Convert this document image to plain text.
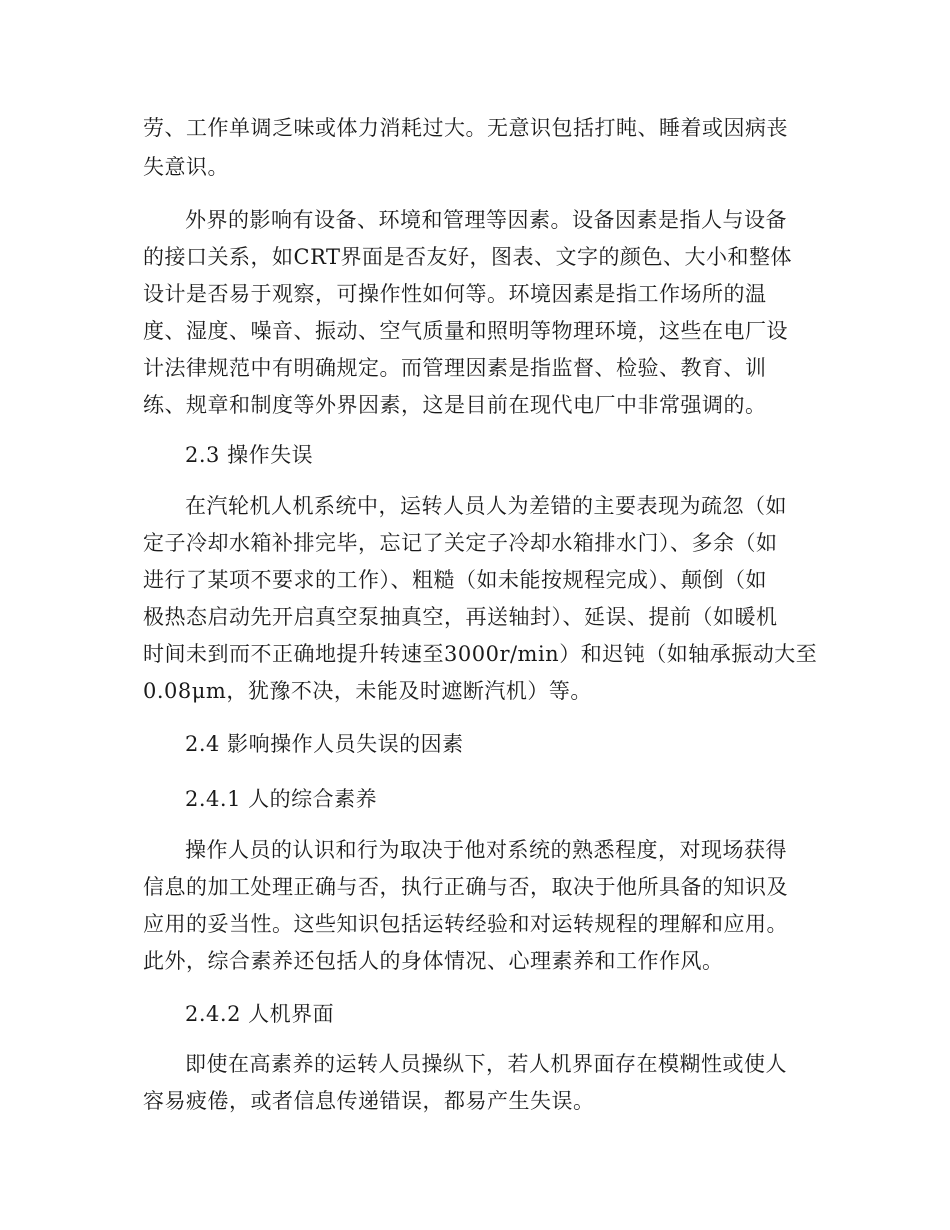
劳、工作单调乏味或体力消耗过大。无意识包括打盹、睡着或因病丧
失意识。
外界的影响有设备、环境和管理等因素。设备因素是指人与设备
的接口关系，如CRT界面是否友好，图表、文字的颜色、大小和整体
设计是否易于观察，可操作性如何等。环境因素是指工作场所的温
度、湿度、噪音、振动、空气质量和照明等物理环境，这些在电厂设
计法律规范中有明确规定。而管理因素是指监督、检验、教育、训
练、规章和制度等外界因素，这是目前在现代电厂中非常强调的。
2.3 操作失误
在汽轮机人机系统中，运转人员人为差错的主要表现为疏忽（如
定子冷却水箱补排完毕，忘记了关定子冷却水箱排水门）、多余（如
进行了某项不要求的工作）、粗糙（如未能按规程完成）、颠倒（如
极热态启动先开启真空泵抽真空，再送轴封）、延误、提前（如暖机
时间未到而不正确地提升转速至3000r/min）和迟钝（如轴承振动大至
0.08μm，犹豫不决，未能及时遮断汽机）等。
2.4 影响操作人员失误的因素
2.4.1 人的综合素养
操作人员的认识和行为取决于他对系统的熟悉程度，对现场获得
信息的加工处理正确与否，执行正确与否，取决于他所具备的知识及
应用的妥当性。这些知识包括运转经验和对运转规程的理解和应用。
此外，综合素养还包括人的身体情况、心理素养和工作作风。
2.4.2 人机界面
即使在高素养的运转人员操纵下，若人机界面存在模糊性或使人
容易疲倦，或者信息传递错误，都易产生失误。
